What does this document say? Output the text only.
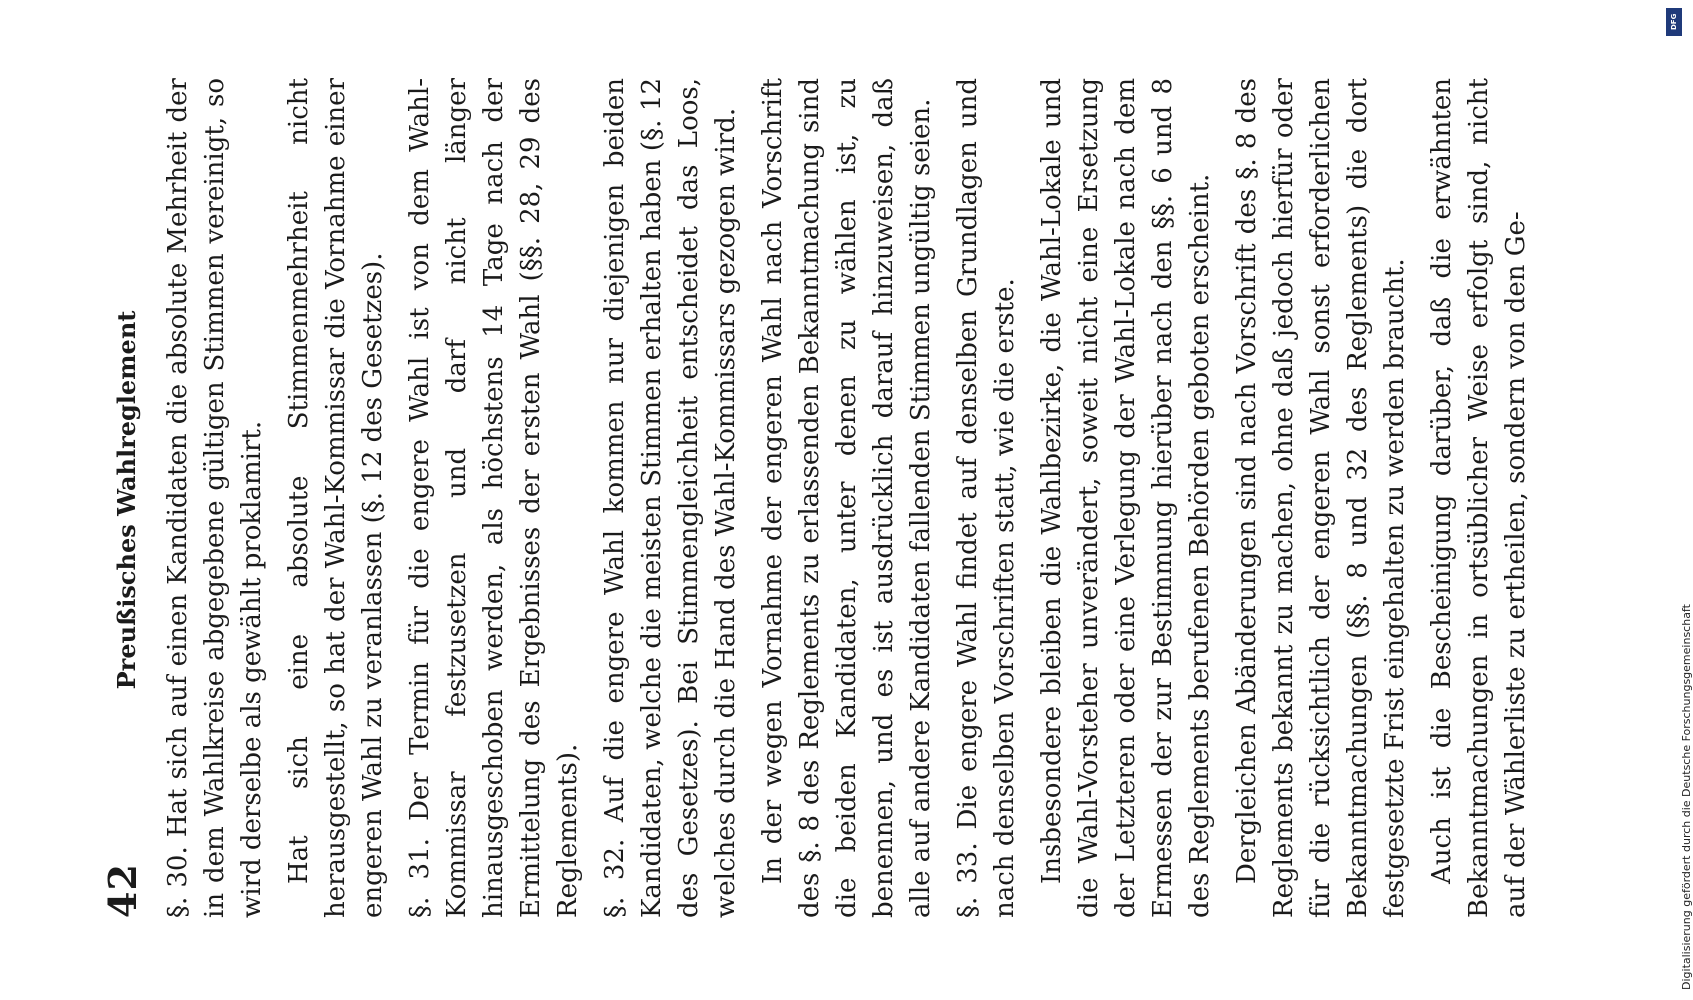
42
Preußisches Wahlreglement §. 30. Hat sich auf einen Kandidaten die absolute Mehrheit der in dem Wahlkreise abgegebene gültigen Stimmen vereinigt, so wird derselbe als gewählt proklamirt. Hat sich eine absolute Stimmenmehrheit nicht herausgestellt, so hat der Wahl-Kommissar die Vornahme einer engeren Wahl zu veranlassen (§. 12 des Gesetzes). §. 31. Der Termin für die engere Wahl ist von dem Wahl-Kommissar festzusetzen und darf nicht länger hinausgeschoben werden, als höchstens 14 Tage nach der Ermittelung des Ergebnisses der ersten Wahl (§§. 28, 29 des Reglements). §. 32. Auf die engere Wahl kommen nur diejenigen beiden Kandidaten, welche die meisten Stimmen erhalten haben (§. 12 des Gesetzes). Bei Stimmengleichheit entscheidet das Loos, welches durch die Hand des Wahl-Kommissars gezogen wird. In der wegen Vornahme der engeren Wahl nach Vorschrift des §. 8 des Reglements zu erlassenden Bekanntmachung sind die beiden Kandidaten, unter denen zu wählen ist, zu benennen, und es ist ausdrücklich darauf hinzuweisen, daß alle auf andere Kandidaten fallenden Stimmen ungültig seien. §. 33. Die engere Wahl findet auf denselben Grundlagen und nach denselben Vorschriften statt, wie die erste. Insbesondere bleiben die Wahlbezirke, die Wahl-Lokale und die Wahl-Vorsteher unverändert, soweit nicht eine Ersetzung der Letzteren oder eine Verlegung der Wahl-Lokale nach dem Ermessen der zur Bestimmung hierüber nach den §§. 6 und 8 des Reglements berufenen Behörden geboten erscheint. Dergleichen Abänderungen sind nach Vorschrift des §. 8 des Reglements bekannt zu machen, ohne daß jedoch hierfür oder für die rücksichtlich der engeren Wahl sonst erforderlichen Bekanntmachungen (§§. 8 und 32 des Reglements) die dort festgesetzte Frist eingehalten zu werden braucht. Auch ist die Bescheinigung darüber, daß die erwähnten Bekanntmachungen in ortsüblicher Weise erfolgt sind, nicht auf der Wählerliste zu ertheilen, sondern von den Ge-	Digitalisierung gefördert durch die Deutsche Forschungsgemeinschaft
DFG
